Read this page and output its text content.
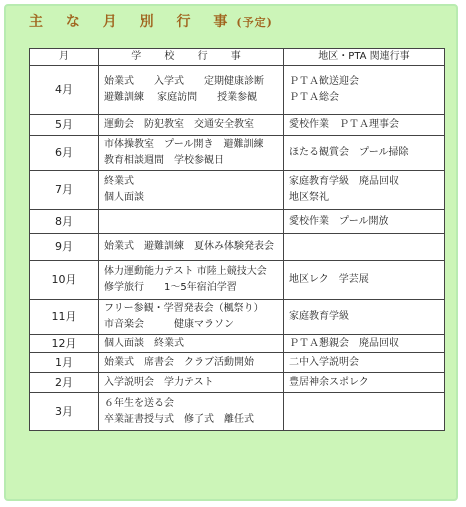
主 な 月 別 行 事(予定)
月	学 校 行 事	地区・PTA 関連行事
4月	始業式　　入学式　　定期健康診断
避難訓練　 家庭訪問　　授業参観	ＰＴＡ歓送迎会
ＰＴＡ総会

5月	運動会　防犯教室　交通安全教室	愛校作業　ＰＴＡ理事会

6月	市体操教室　プール開き　避難訓練
教育相談週間　学校参観日	ほたる観賞会　プール掃除

7月	終業式
個人面談	家庭教育学級　廃品回収
地区祭礼

8月		愛校作業　プール開放

9月	始業式　避難訓練　夏休み体験発表会	

10月	体力運動能力テスト 市陸上競技大会
修学旅行　　1～5年宿泊学習	地区レク　学芸展

11月	フリー参観・学習発表会（楓祭り）
市音楽会　　　健康マラソン	家庭教育学級

12月	個人面談　終業式	ＰＴＡ懇親会　廃品回収

1月	始業式　席書会　クラブ活動開始	二中入学説明会

2月	入学説明会　学力テスト	豊居神余スポレク

3月	６年生を送る会
卒業証書授与式　修了式　離任式	
